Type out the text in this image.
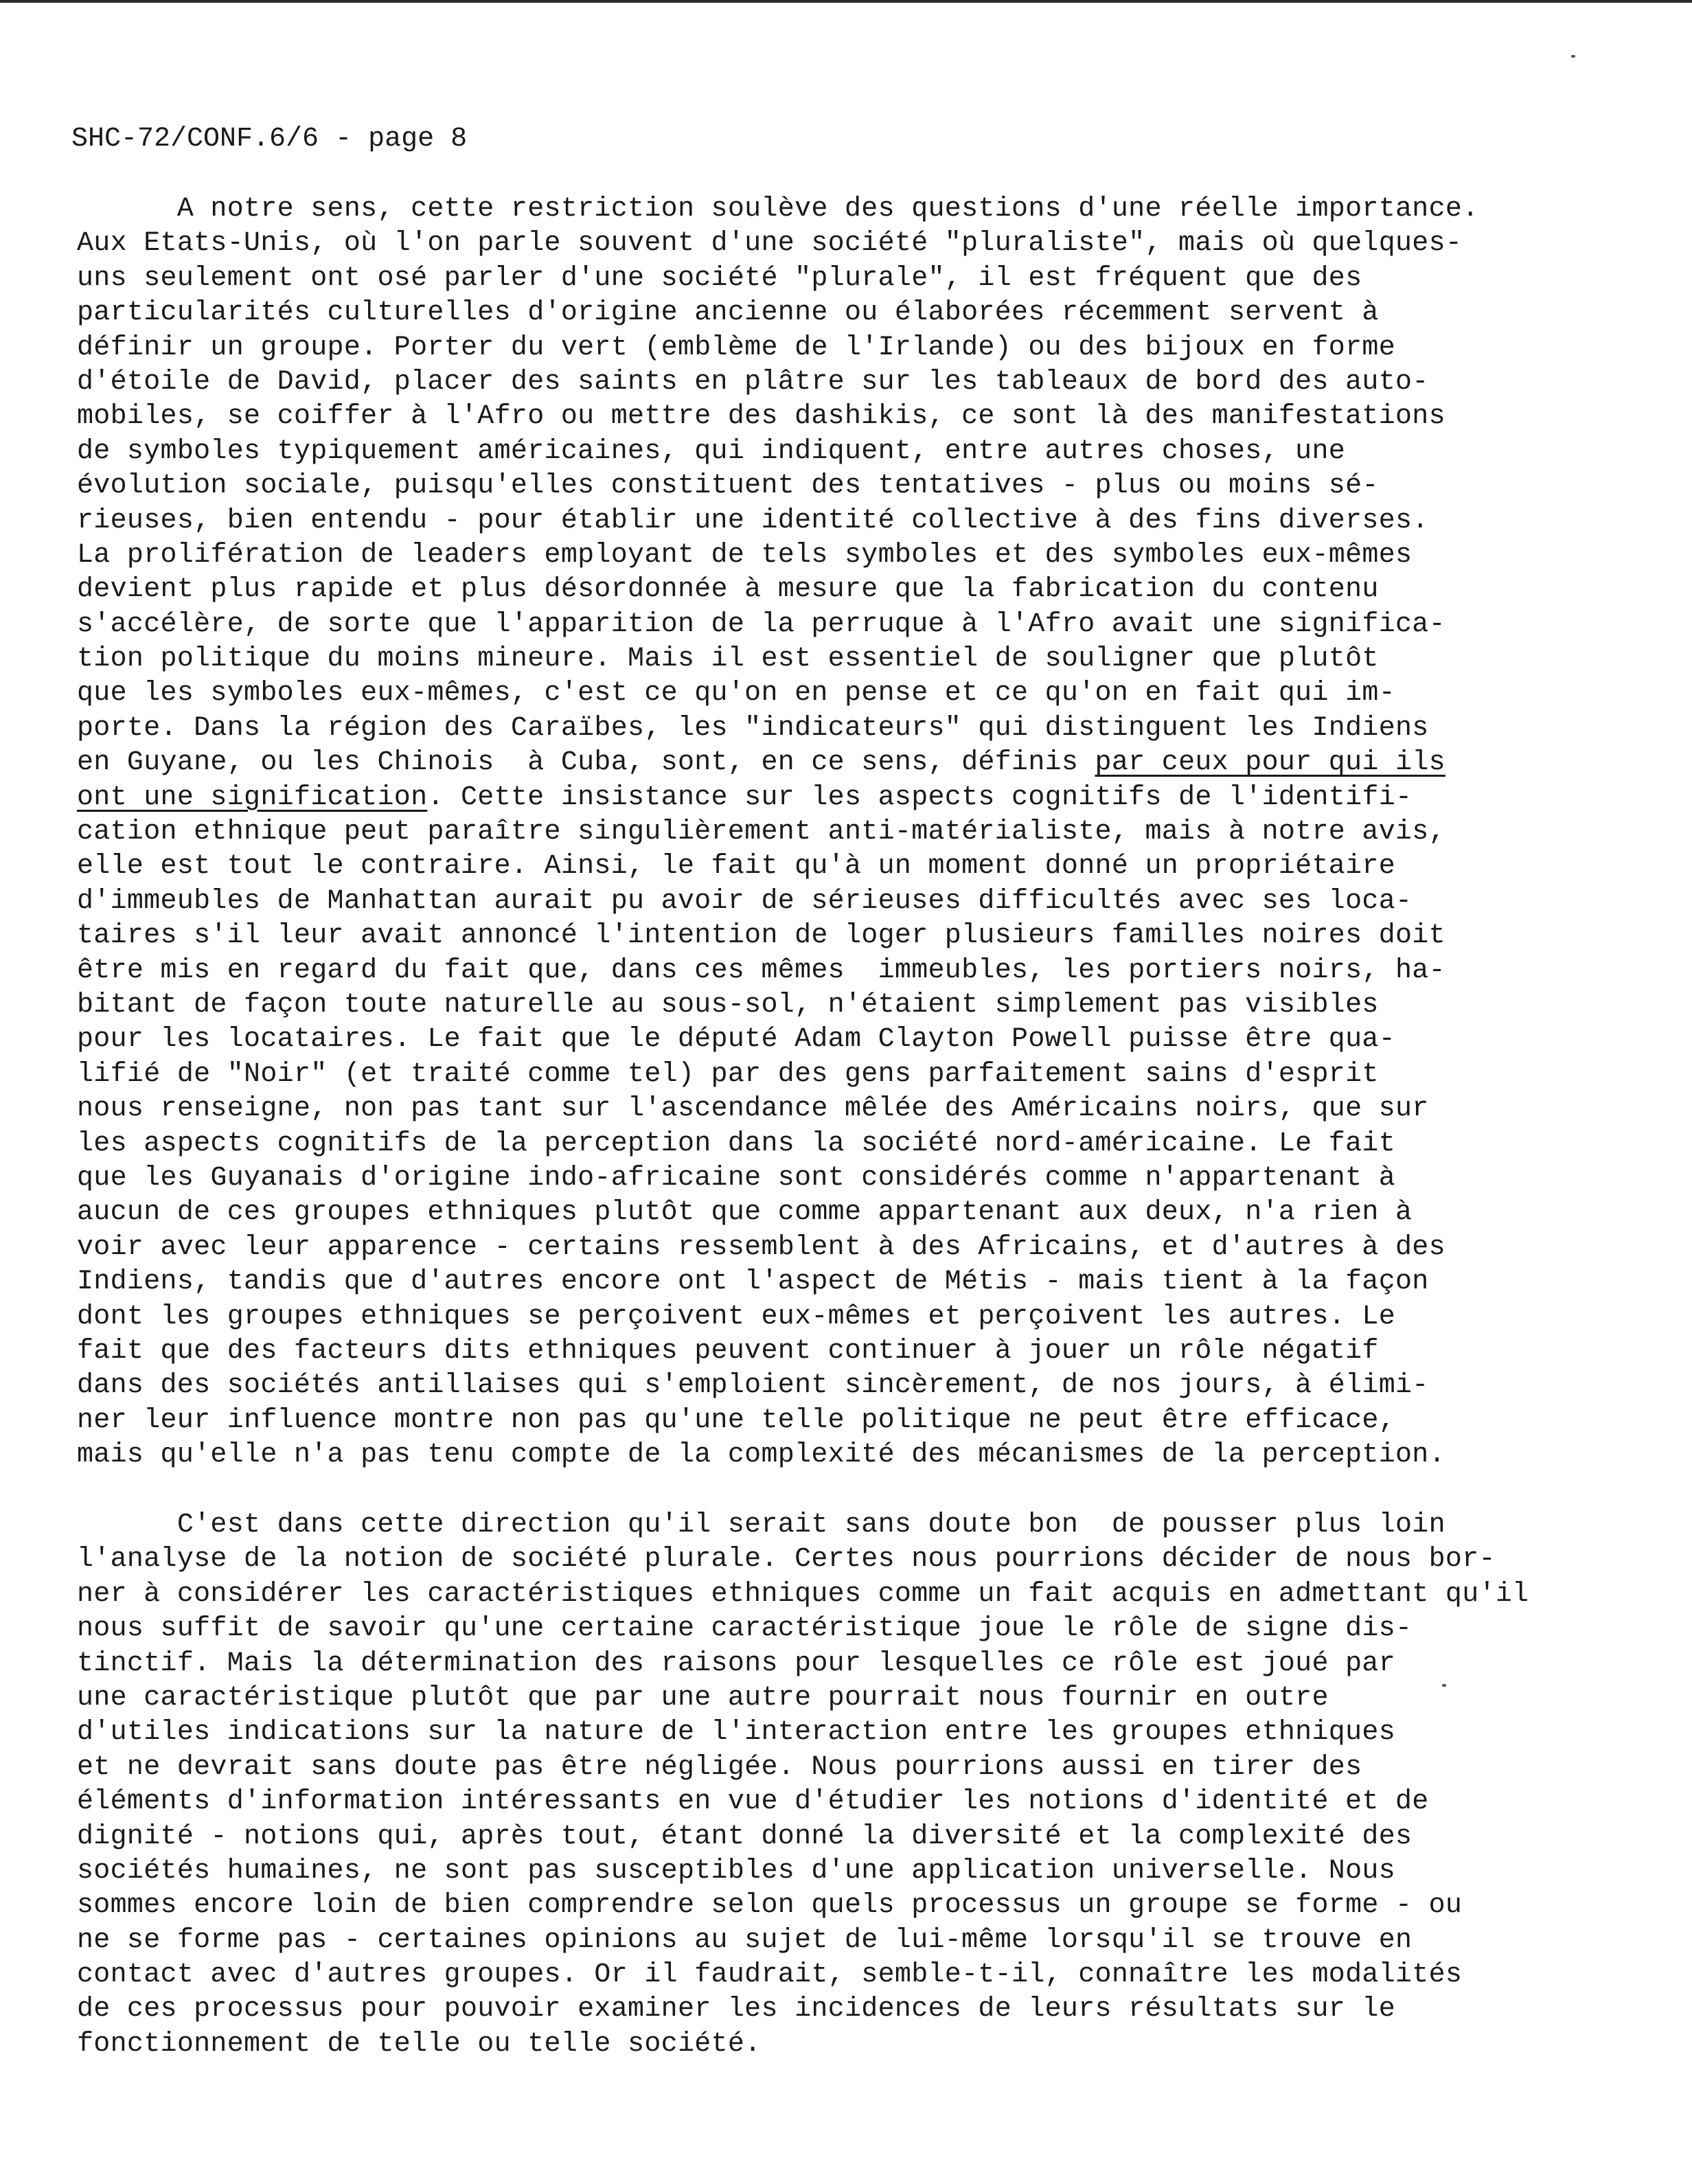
SHC-72/CONF.6/6 - page 8
A notre sens, cette restriction soulève des questions d'une réelle importance.
Aux Etats-Unis, où l'on parle souvent d'une société "pluraliste", mais où quelques-
uns seulement ont osé parler d'une société "plurale", il est fréquent que des
particularités culturelles d'origine ancienne ou élaborées récemment servent à
définir un groupe. Porter du vert (emblème de l'Irlande) ou des bijoux en forme
d'étoile de David, placer des saints en plâtre sur les tableaux de bord des auto-
mobiles, se coiffer à l'Afro ou mettre des dashikis, ce sont là des manifestations
de symboles typiquement américaines, qui indiquent, entre autres choses, une
évolution sociale, puisqu'elles constituent des tentatives - plus ou moins sé-
rieuses, bien entendu - pour établir une identité collective à des fins diverses.
La prolifération de leaders employant de tels symboles et des symboles eux-mêmes
devient plus rapide et plus désordonnée à mesure que la fabrication du contenu
s'accélère, de sorte que l'apparition de la perruque à l'Afro avait une significa-
tion politique du moins mineure. Mais il est essentiel de souligner que plutôt
que les symboles eux-mêmes, c'est ce qu'on en pense et ce qu'on en fait qui im-
porte. Dans la région des Caraïbes, les "indicateurs" qui distinguent les Indiens
en Guyane, ou les Chinois  à Cuba, sont, en ce sens, définis par ceux pour qui ils
ont une signification. Cette insistance sur les aspects cognitifs de l'identifi-
cation ethnique peut paraître singulièrement anti-matérialiste, mais à notre avis,
elle est tout le contraire. Ainsi, le fait qu'à un moment donné un propriétaire
d'immeubles de Manhattan aurait pu avoir de sérieuses difficultés avec ses loca-
taires s'il leur avait annoncé l'intention de loger plusieurs familles noires doit
être mis en regard du fait que, dans ces mêmes  immeubles, les portiers noirs, ha-
bitant de façon toute naturelle au sous-sol, n'étaient simplement pas visibles
pour les locataires. Le fait que le député Adam Clayton Powell puisse être qua-
lifié de "Noir" (et traité comme tel) par des gens parfaitement sains d'esprit
nous renseigne, non pas tant sur l'ascendance mêlée des Américains noirs, que sur
les aspects cognitifs de la perception dans la société nord-américaine. Le fait
que les Guyanais d'origine indo-africaine sont considérés comme n'appartenant à
aucun de ces groupes ethniques plutôt que comme appartenant aux deux, n'a rien à
voir avec leur apparence - certains ressemblent à des Africains, et d'autres à des
Indiens, tandis que d'autres encore ont l'aspect de Métis - mais tient à la façon
dont les groupes ethniques se perçoivent eux-mêmes et perçoivent les autres. Le
fait que des facteurs dits ethniques peuvent continuer à jouer un rôle négatif
dans des sociétés antillaises qui s'emploient sincèrement, de nos jours, à élimi-
ner leur influence montre non pas qu'une telle politique ne peut être efficace,
mais qu'elle n'a pas tenu compte de la complexité des mécanismes de la perception.
C'est dans cette direction qu'il serait sans doute bon  de pousser plus loin
l'analyse de la notion de société plurale. Certes nous pourrions décider de nous bor-
ner à considérer les caractéristiques ethniques comme un fait acquis en admettant qu'il
nous suffit de savoir qu'une certaine caractéristique joue le rôle de signe dis-
tinctif. Mais la détermination des raisons pour lesquelles ce rôle est joué par
une caractéristique plutôt que par une autre pourrait nous fournir en outre
d'utiles indications sur la nature de l'interaction entre les groupes ethniques
et ne devrait sans doute pas être négligée. Nous pourrions aussi en tirer des
éléments d'information intéressants en vue d'étudier les notions d'identité et de
dignité - notions qui, après tout, étant donné la diversité et la complexité des
sociétés humaines, ne sont pas susceptibles d'une application universelle. Nous
sommes encore loin de bien comprendre selon quels processus un groupe se forme - ou
ne se forme pas - certaines opinions au sujet de lui-même lorsqu'il se trouve en
contact avec d'autres groupes. Or il faudrait, semble-t-il, connaître les modalités
de ces processus pour pouvoir examiner les incidences de leurs résultats sur le
fonctionnement de telle ou telle société.
